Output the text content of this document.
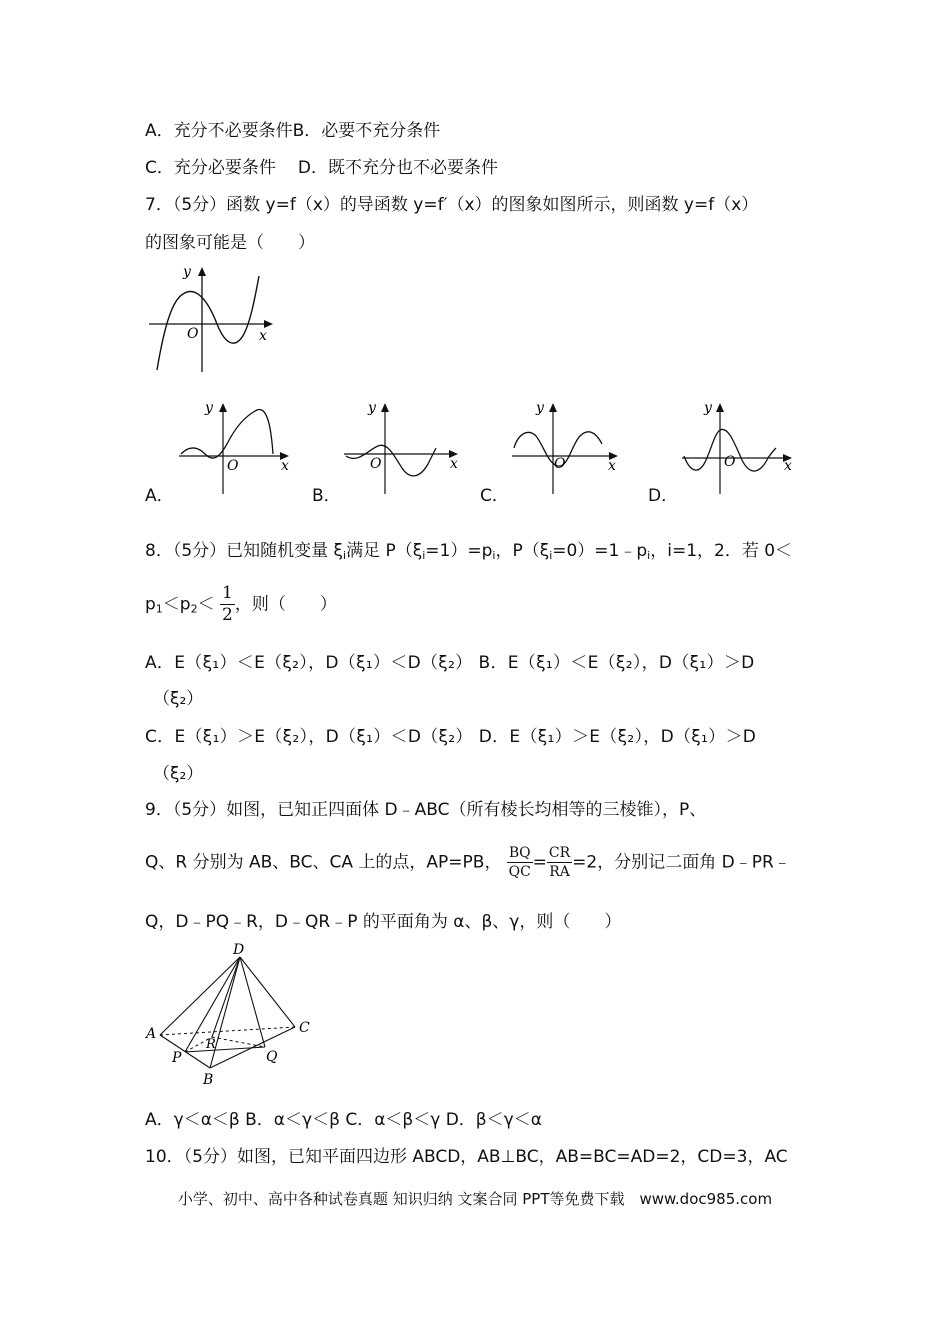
A．充分不必要条件B．必要不充分条件
C．充分必要条件 D．既不充分也不必要条件
7．（5分）函数 y=f（x）的导函数 y=f′（x）的图象如图所示，则函数 y=f（x）
的图象可能是（　　）
y
O	x
A．
y
O	x
B．
y
O	x
C．
y
O	x
D．
y
O	x
8．（5分）已知随机变量 $\xi_i$满足 $P(\xi_i=1)=p_i$，$P(\xi_i=0)=1﹣p_i$，i=1，2．若 0＜
$p_1<p_2< \frac{1}{2}$ ，则（　　）
A．E（ξ₁）＜E（ξ₂），D（ξ₁）＜D（ξ₂） B．E（ξ₁）＜E（ξ₂），D（ξ₁）＞D
（ξ₂）
C．E（ξ₁）＞E（ξ₂），D（ξ₁）＜D（ξ₂） D．E（ξ₁）＞E（ξ₂），D（ξ₁）＞D
（ξ₂）
9．（5分）如图，已知正四面体 D﹣ABC（所有棱长均相等的三棱锥），P、
Q、R 分别为 AB、BC、CA 上的点，AP=PB， $\frac{BQ}{QC} = \frac{CR}{RA} =2$，分别记二面角 D﹣PR﹣
Q，D﹣PQ﹣R，D﹣QR﹣P 的平面角为 α、β、γ，则（　　）
D
A	C
R
P	Q
B
A．γ＜α＜β B．α＜γ＜β C．α＜β＜γ D．β＜γ＜α
10．（5分）如图，已知平面四边形 ABCD，AB⊥BC，AB=BC=AD=2，CD=3，AC
小学、初中、高中各种试卷真题 知识归纳 文案合同 PPT等免费下载　www.doc985.com
